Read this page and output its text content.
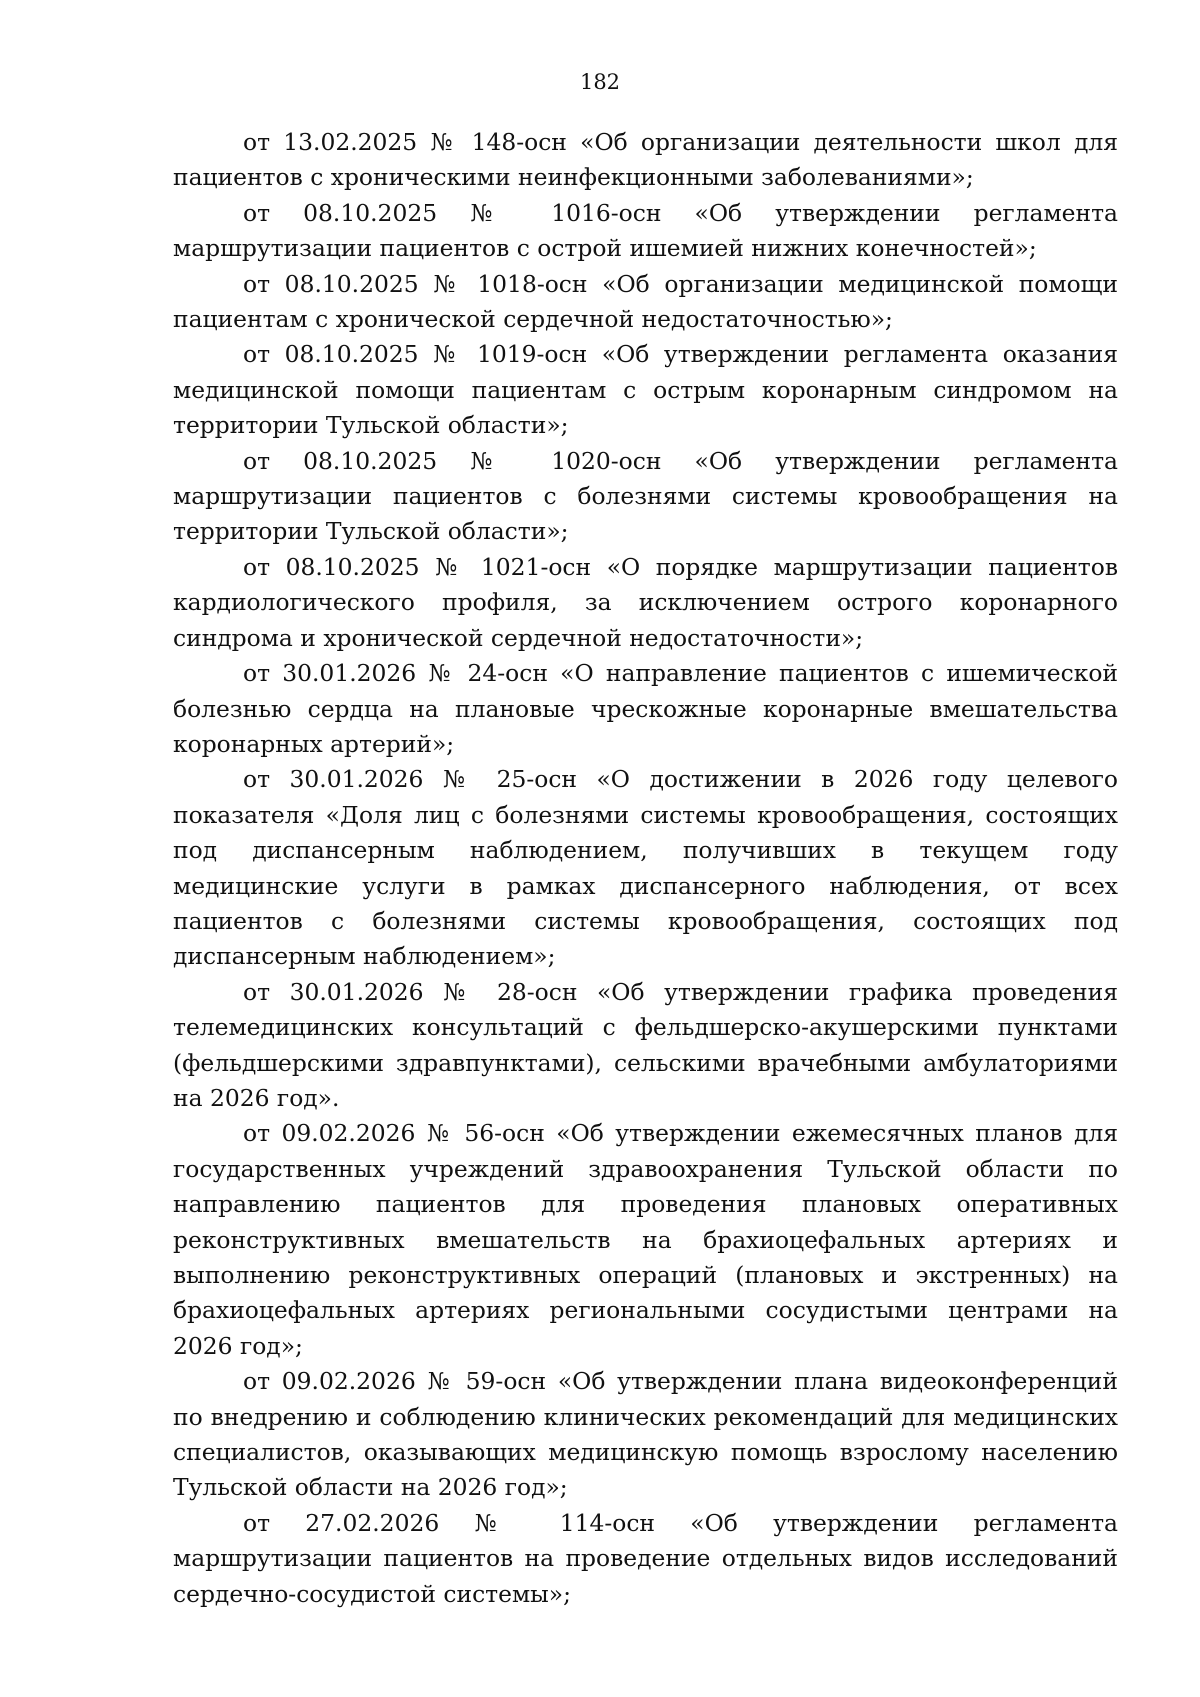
182

от 13.02.2025 № 148-осн «Об организации деятельности школ для пациентов с хроническими неинфекционными заболеваниями»;

от 08.10.2025 № 1016-осн «Об утверждении регламента маршрутизации пациентов с острой ишемией нижних конечностей»;

от 08.10.2025 № 1018-осн «Об организации медицинской помощи пациентам с хронической сердечной недостаточностью»;

от 08.10.2025 № 1019-осн «Об утверждении регламента оказания медицинской помощи пациентам с острым коронарным синдромом на территории Тульской области»;

от 08.10.2025 № 1020-осн «Об утверждении регламента маршрутизации пациентов с болезнями системы кровообращения на территории Тульской области»;

от 08.10.2025 № 1021-осн «О порядке маршрутизации пациентов кардиологического профиля, за исключением острого коронарного синдрома и хронической сердечной недостаточности»;

от 30.01.2026 № 24-осн «О направление пациентов с ишемической болезнью сердца на плановые чрескожные коронарные вмешательства коронарных артерий»;

от 30.01.2026 № 25-осн «О достижении в 2026 году целевого показателя «Доля лиц с болезнями системы кровообращения, состоящих под диспансерным наблюдением, получивших в текущем году медицинские услуги в рамках диспансерного наблюдения, от всех пациентов с болезнями системы кровообращения, состоящих под диспансерным наблюдением»;

от 30.01.2026 № 28-осн «Об утверждении графика проведения телемедицинских консультаций с фельдшерско-акушерскими пунктами (фельдшерскими здравпунктами), сельскими врачебными амбулаториями на 2026 год».

от 09.02.2026 № 56-осн «Об утверждении ежемесячных планов для государственных учреждений здравоохранения Тульской области по направлению пациентов для проведения плановых оперативных реконструктивных вмешательств на брахиоцефальных артериях и выполнению реконструктивных операций (плановых и экстренных) на брахиоцефальных артериях региональными сосудистыми центрами на 2026 год»;

от 09.02.2026 № 59-осн «Об утверждении плана видеоконференций по внедрению и соблюдению клинических рекомендаций для медицинских специалистов, оказывающих медицинскую помощь взрослому населению Тульской области на 2026 год»;

от 27.02.2026 № 114-осн «Об утверждении регламента маршрутизации пациентов на проведение отдельных видов исследований сердечно-сосудистой системы»;
